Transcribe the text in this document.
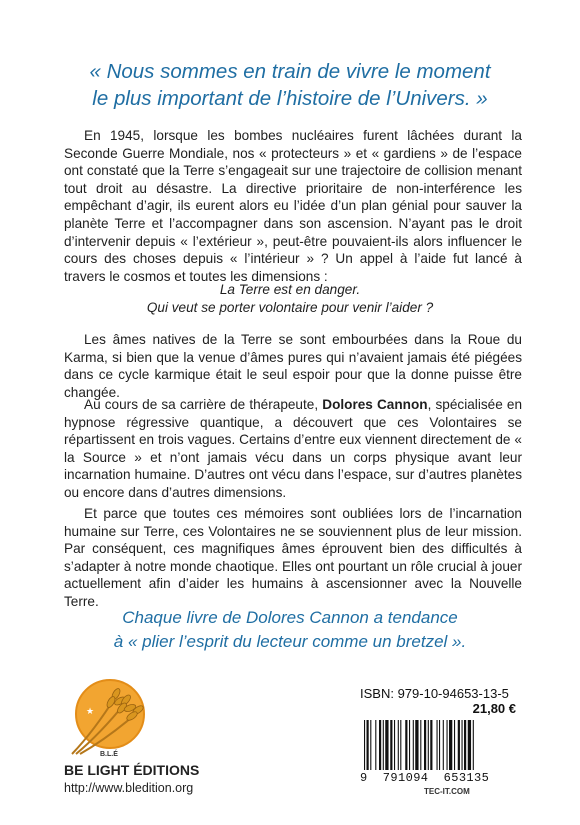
« Nous sommes en train de vivre le moment
le plus important de l’histoire de l’Univers. »

En 1945, lorsque les bombes nucléaires furent lâchées durant la Seconde Guerre Mondiale, nos « protecteurs » et « gardiens » de l’espace ont constaté que la Terre s’engageait sur une trajectoire de collision menant tout droit au désastre. La directive prioritaire de non-interférence les empêchant d’agir, ils eurent alors eu l’idée d’un plan génial pour sauver la planète Terre et l’accompagner dans son ascension. N’ayant pas le droit d’intervenir depuis « l’extérieur », peut-être pouvaient-ils alors influencer le cours des choses depuis « l’intérieur » ? Un appel à l’aide fut lancé à travers le cosmos et toutes les dimensions :

La Terre est en danger.
Qui veut se porter volontaire pour venir l’aider ?

Les âmes natives de la Terre se sont embourbées dans la Roue du Karma, si bien que la venue d’âmes pures qui n’avaient jamais été piégées dans ce cycle karmique était le seul espoir pour que la donne puisse être changée.

Au cours de sa carrière de thérapeute, Dolores Cannon, spécialisée en hypnose régressive quantique, a découvert que ces Volontaires se répartissent en trois vagues. Certains d’entre eux viennent directement de « la Source » et n’ont jamais vécu dans un corps physique avant leur incarnation humaine. D’autres ont vécu dans l’espace, sur d’autres planètes ou encore dans d’autres dimensions.

Et parce que toutes ces mémoires sont oubliées lors de l’incarnation humaine sur Terre, ces Volontaires ne se souviennent plus de leur mission. Par conséquent, ces magnifiques âmes éprouvent bien des difficultés à s’adapter à notre monde chaotique. Elles ont pourtant un rôle crucial à jouer actuellement afin d’aider les humains à ascensionner avec la Nouvelle Terre.

Chaque livre de Dolores Cannon a tendance
à « plier l’esprit du lecteur comme un bretzel ».
★
B.L.É
BE LIGHT ÉDITIONS
http://www.bledition.org
ISBN: 979-10-94653-13-5
21,80 €
9  791094  653135
TEC-IT.COM
